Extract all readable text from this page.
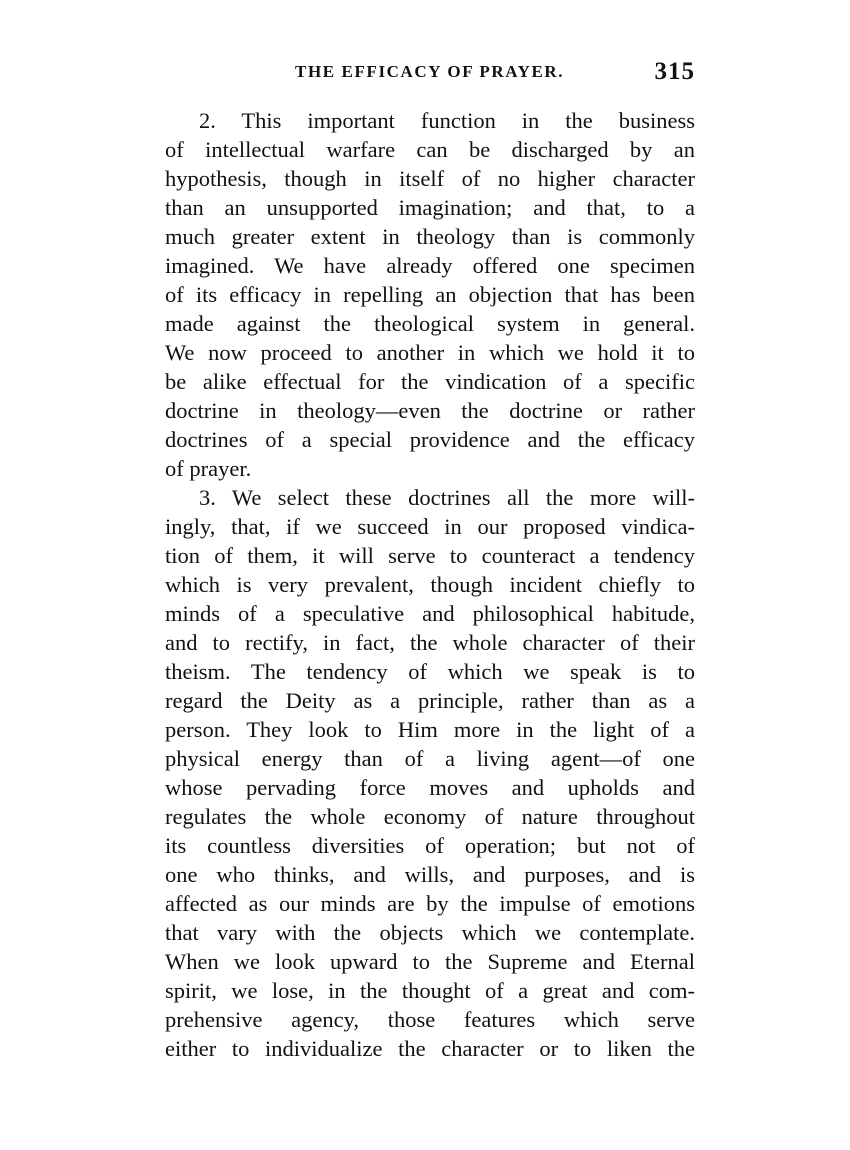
THE EFFICACY OF PRAYER.	315
2. This important function in the business
of intellectual warfare can be discharged by an
hypothesis, though in itself of no higher character
than an unsupported imagination; and that, to a
much greater extent in theology than is commonly
imagined. We have already offered one specimen
of its efficacy in repelling an objection that has been
made against the theological system in general.
We now proceed to another in which we hold it to
be alike effectual for the vindication of a specific
doctrine in theology—even the doctrine or rather
doctrines of a special providence and the efficacy
of prayer.
3. We select these doctrines all the more will-
ingly, that, if we succeed in our proposed vindica-
tion of them, it will serve to counteract a tendency
which is very prevalent, though incident chiefly to
minds of a speculative and philosophical habitude,
and to rectify, in fact, the whole character of their
theism. The tendency of which we speak is to
regard the Deity as a principle, rather than as a
person. They look to Him more in the light of a
physical energy than of a living agent—of one
whose pervading force moves and upholds and
regulates the whole economy of nature throughout
its countless diversities of operation; but not of
one who thinks, and wills, and purposes, and is
affected as our minds are by the impulse of emotions
that vary with the objects which we contemplate.
When we look upward to the Supreme and Eternal
spirit, we lose, in the thought of a great and com-
prehensive agency, those features which serve
either to individualize the character or to liken the
